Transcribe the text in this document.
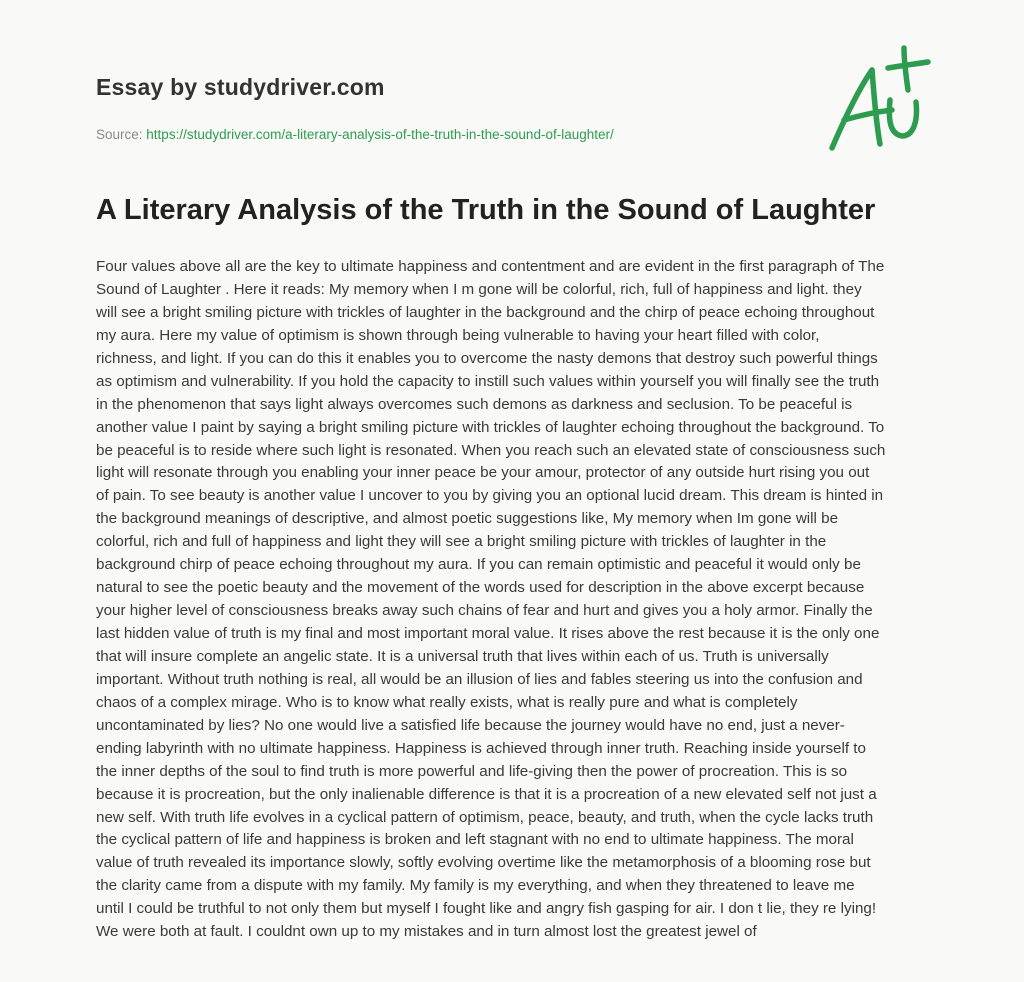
Essay by studydriver.com
Source: https://studydriver.com/a-literary-analysis-of-the-truth-in-the-sound-of-laughter/
A Literary Analysis of the Truth in the Sound of Laughter
Four values above all are the key to ultimate happiness and contentment and are evident in the first paragraph of The
Sound of Laughter . Here it reads: My memory when I m gone will be colorful, rich, full of happiness and light. they
will see a bright smiling picture with trickles of laughter in the background and the chirp of peace echoing throughout
my aura. Here my value of optimism is shown through being vulnerable to having your heart filled with color,
richness, and light. If you can do this it enables you to overcome the nasty demons that destroy such powerful things
as optimism and vulnerability. If you hold the capacity to instill such values within yourself you will finally see the truth
in the phenomenon that says light always overcomes such demons as darkness and seclusion. To be peaceful is
another value I paint by saying a bright smiling picture with trickles of laughter echoing throughout the background. To
be peaceful is to reside where such light is resonated. When you reach such an elevated state of consciousness such
light will resonate through you enabling your inner peace be your amour, protector of any outside hurt rising you out
of pain. To see beauty is another value I uncover to you by giving you an optional lucid dream. This dream is hinted in
the background meanings of descriptive, and almost poetic suggestions like, My memory when Im gone will be
colorful, rich and full of happiness and light they will see a bright smiling picture with trickles of laughter in the
background chirp of peace echoing throughout my aura. If you can remain optimistic and peaceful it would only be
natural to see the poetic beauty and the movement of the words used for description in the above excerpt because
your higher level of consciousness breaks away such chains of fear and hurt and gives you a holy armor. Finally the
last hidden value of truth is my final and most important moral value. It rises above the rest because it is the only one
that will insure complete an angelic state. It is a universal truth that lives within each of us. Truth is universally
important. Without truth nothing is real, all would be an illusion of lies and fables steering us into the confusion and
chaos of a complex mirage. Who is to know what really exists, what is really pure and what is completely
uncontaminated by lies? No one would live a satisfied life because the journey would have no end, just a never-
ending labyrinth with no ultimate happiness. Happiness is achieved through inner truth. Reaching inside yourself to
the inner depths of the soul to find truth is more powerful and life-giving then the power of procreation. This is so
because it is procreation, but the only inalienable difference is that it is a procreation of a new elevated self not just a
new self. With truth life evolves in a cyclical pattern of optimism, peace, beauty, and truth, when the cycle lacks truth
the cyclical pattern of life and happiness is broken and left stagnant with no end to ultimate happiness. The moral
value of truth revealed its importance slowly, softly evolving overtime like the metamorphosis of a blooming rose but
the clarity came from a dispute with my family. My family is my everything, and when they threatened to leave me
until I could be truthful to not only them but myself I fought like and angry fish gasping for air. I don t lie, they re lying!
We were both at fault. I couldnt own up to my mistakes and in turn almost lost the greatest jewel of
